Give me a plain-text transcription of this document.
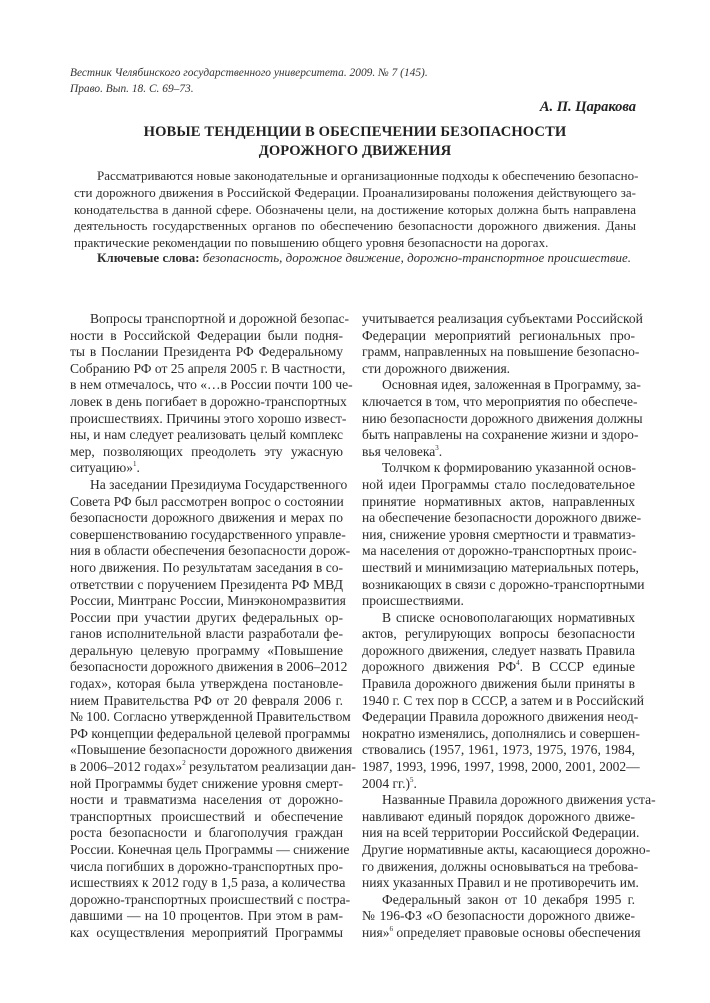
Вестник Челябинского государственного университета. 2009. № 7 (145).
Право. Вып. 18. С. 69–73.
А. П. Царакова
НОВЫЕ ТЕНДЕНЦИИ В ОБЕСПЕЧЕНИИ БЕЗОПАСНОСТИ
ДОРОЖНОГО ДВИЖЕНИЯ
Рассматриваются новые законодательные и организационные подходы к обеспечению безопасно-
сти дорожного движения в Российской Федерации. Проанализированы положения действующего за-
конодательства в данной сфере. Обозначены цели, на достижение которых должна быть направлена
деятельность государственных органов по обеспечению безопасности дорожного движения. Даны
практические рекомендации по повышению общего уровня безопасности на дорогах.
Ключевые слова: безопасность, дорожное движение, дорожно-транспортное происшествие.
Вопросы транспортной и дорожной безопас-
ности в Российской Федерации были подня-
ты в Послании Президента РФ Федеральному
Собранию РФ от 25 апреля 2005 г. В частности,
в нем отмечалось, что «…в России почти 100 че-
ловек в день погибает в дорожно-транспортных
происшествиях. Причины этого хорошо извест-
ны, и нам следует реализовать целый комплекс
мер, позволяющих преодолеть эту ужасную
ситуацию»$^1$.
На заседании Президиума Государственного
Совета РФ был рассмотрен вопрос о состоянии
безопасности дорожного движения и мерах по
совершенствованию государственного управле-
ния в области обеспечения безопасности дорож-
ного движения. По результатам заседания в со-
ответствии с поручением Президента РФ МВД
России, Минтранс России, Минэкономразвития
России при участии других федеральных ор-
ганов исполнительной власти разработали фе-
деральную целевую программу «Повышение
безопасности дорожного движения в 2006–2012
годах», которая была утверждена постановле-
нием Правительства РФ от 20 февраля 2006 г.
№ 100. Согласно утвержденной Правительством
РФ концепции федеральной целевой программы
«Повышение безопасности дорожного движения
в 2006–2012 годах»$^2$ результатом реализации дан-
ной Программы будет снижение уровня смерт-
ности и травматизма населения от дорожно-
транспортных происшествий и обеспечение
роста безопасности и благополучия граждан
России. Конечная цель Программы — снижение
числа погибших в дорожно-транспортных про-
исшествиях к 2012 году в 1,5 раза, а количества
дорожно-транспортных происшествий с постра-
давшими — на 10 процентов. При этом в рам-
ках осуществления мероприятий Программы
учитывается реализация субъектами Российской
Федерации мероприятий региональных про-
грамм, направленных на повышение безопасно-
сти дорожного движения.
Основная идея, заложенная в Программу, за-
ключается в том, что мероприятия по обеспече-
нию безопасности дорожного движения должны
быть направлены на сохранение жизни и здоро-
вья человека$^3$.
Толчком к формированию указанной основ-
ной идеи Программы стало последовательное
принятие нормативных актов, направленных
на обеспечение безопасности дорожного движе-
ния, снижение уровня смертности и травматиз-
ма населения от дорожно-транспортных проис-
шествий и минимизацию материальных потерь,
возникающих в связи с дорожно-транспортными
происшествиями.
В списке основополагающих нормативных
актов, регулирующих вопросы безопасности
дорожного движения, следует назвать Правила
дорожного движения $РФ^4$. В СССР единые
Правила дорожного движения были приняты в
1940 г. С тех пор в СССР, а затем и в Российский
Федерации Правила дорожного движения неод-
нократно изменялись, дополнялись и совершен-
ствовались (1957, 1961, 1973, 1975, 1976, 1984,
1987, 1993, 1996, 1997, 1998, 2000, 2001, 2002—
2004 гг.)$^5$.
Названные Правила дорожного движения уста-
навливают единый порядок дорожного движе-
ния на всей территории Российской Федерации.
Другие нормативные акты, касающиеся дорожно-
го движения, должны основываться на требова-
ниях указанных Правил и не противоречить им.
Федеральный закон от 10 декабря 1995 г.
№ 196-ФЗ «О безопасности дорожного движе-
ния»$^6$ определяет правовые основы обеспечения
